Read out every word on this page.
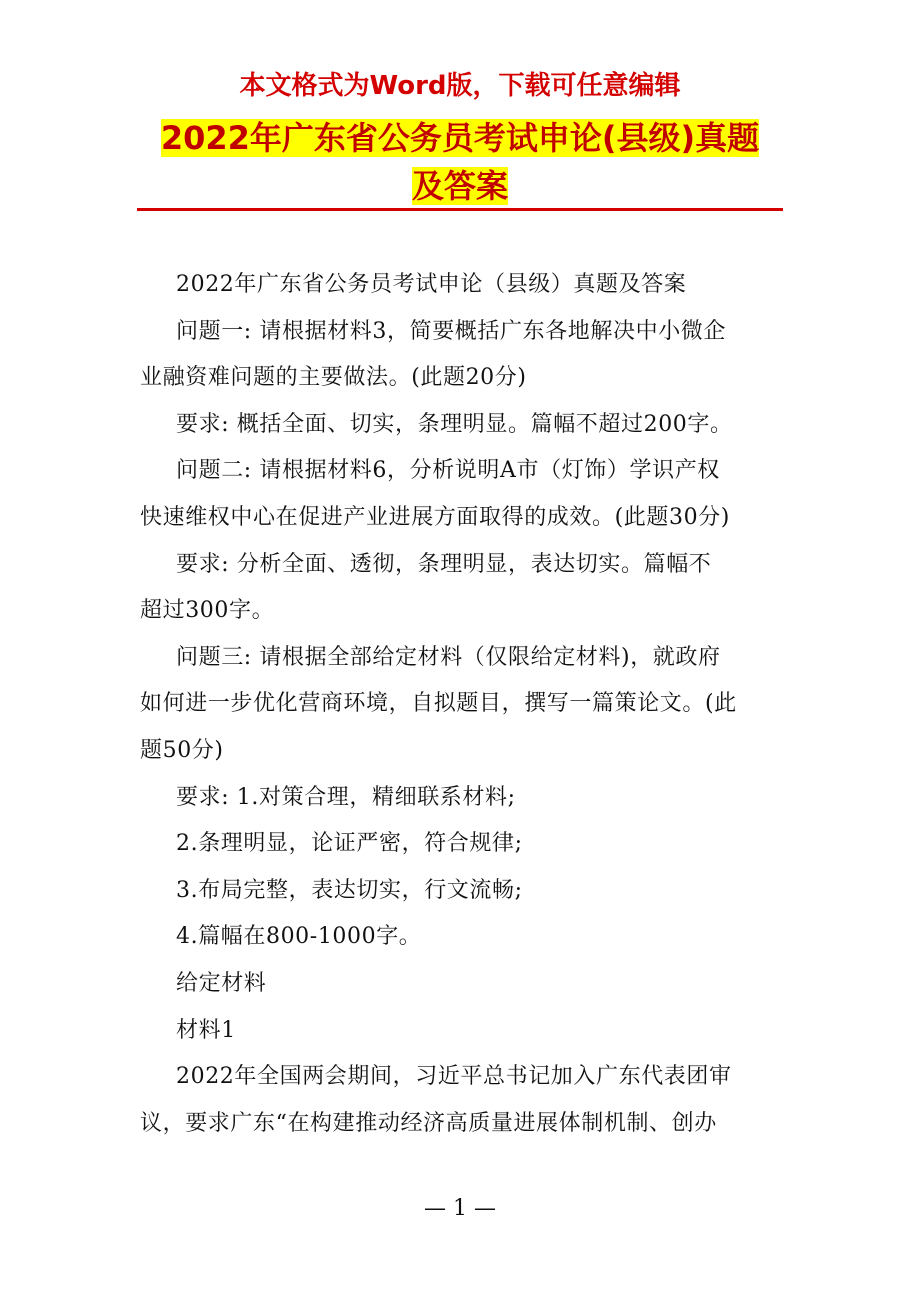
本文格式为Word版，下载可任意编辑
2022年广东省公务员考试申论(县级)真题
及答案

2022年广东省公务员考试申论（县级）真题及答案

问题一: 请根据材料3，简要概括广东各地解决中小微企

业融资难问题的主要做法。(此题20分)

要求: 概括全面、切实，条理明显。篇幅不超过200字。

问题二: 请根据材料6，分析说明A市（灯饰）学识产权

快速维权中心在促进产业进展方面取得的成效。(此题30分)

要求: 分析全面、透彻，条理明显，表达切实。篇幅不

超过300字。

问题三: 请根据全部给定材料（仅限给定材料)，就政府

如何进一步优化营商环境，自拟题目，撰写一篇策论文。(此

题50分)

要求: 1.对策合理，精细联系材料;

2.条理明显，论证严密，符合规律;

3.布局完整，表达切实，行文流畅;

4.篇幅在800-1000字。

给定材料

材料1

2022年全国两会期间，习近平总书记加入广东代表团审

议，要求广东“在构建推动经济高质量进展体制机制、创办

— 1 —
